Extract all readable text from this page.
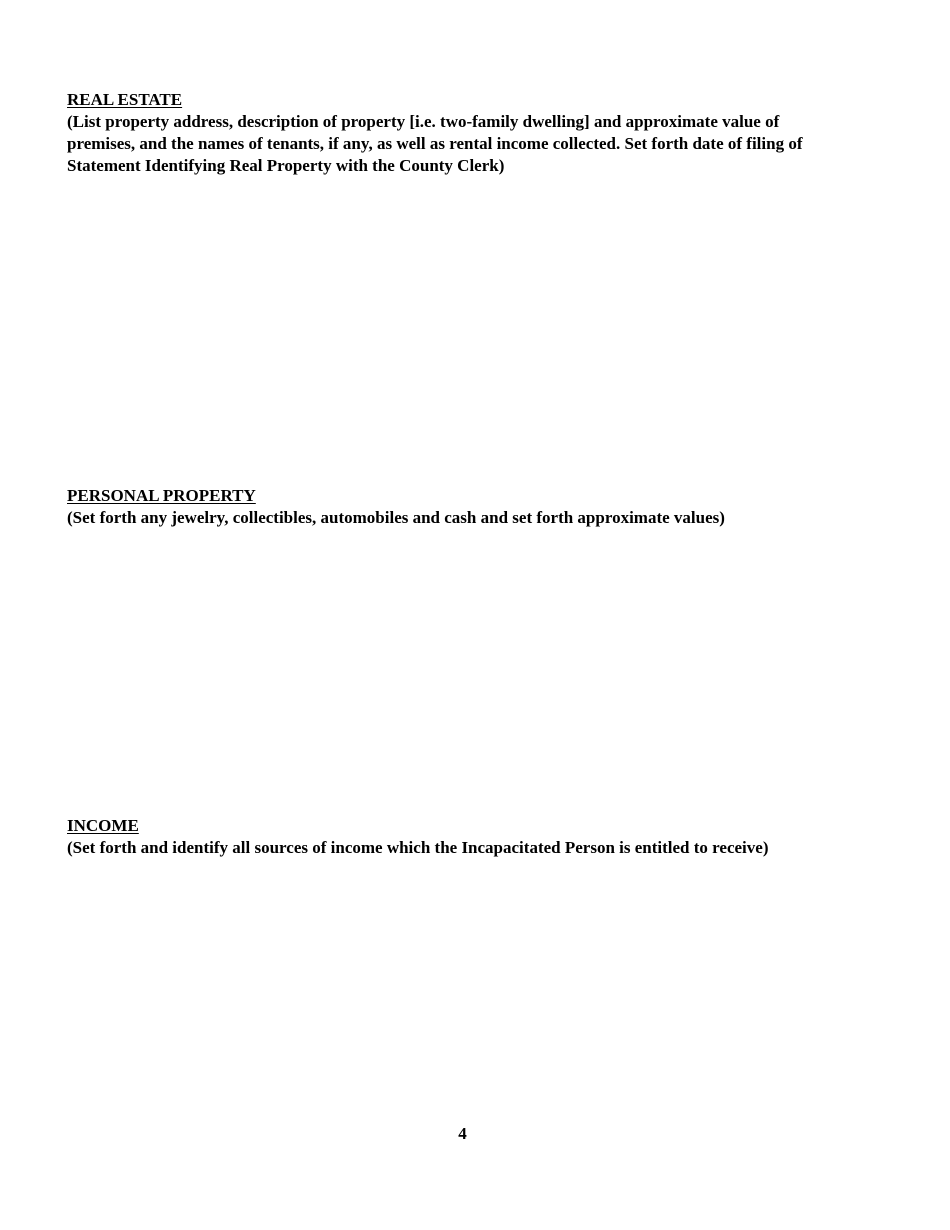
REAL ESTATE

(List property address, description of property [i.e. two-family dwelling] and approximate value of
premises, and the names of tenants, if any, as well as rental income collected. Set forth date of filing of
Statement Identifying Real Property with the County Clerk)

PERSONAL PROPERTY

(Set forth any jewelry, collectibles, automobiles and cash and set forth approximate values)

INCOME

(Set forth and identify all sources of income which the Incapacitated Person is entitled to receive)

4
